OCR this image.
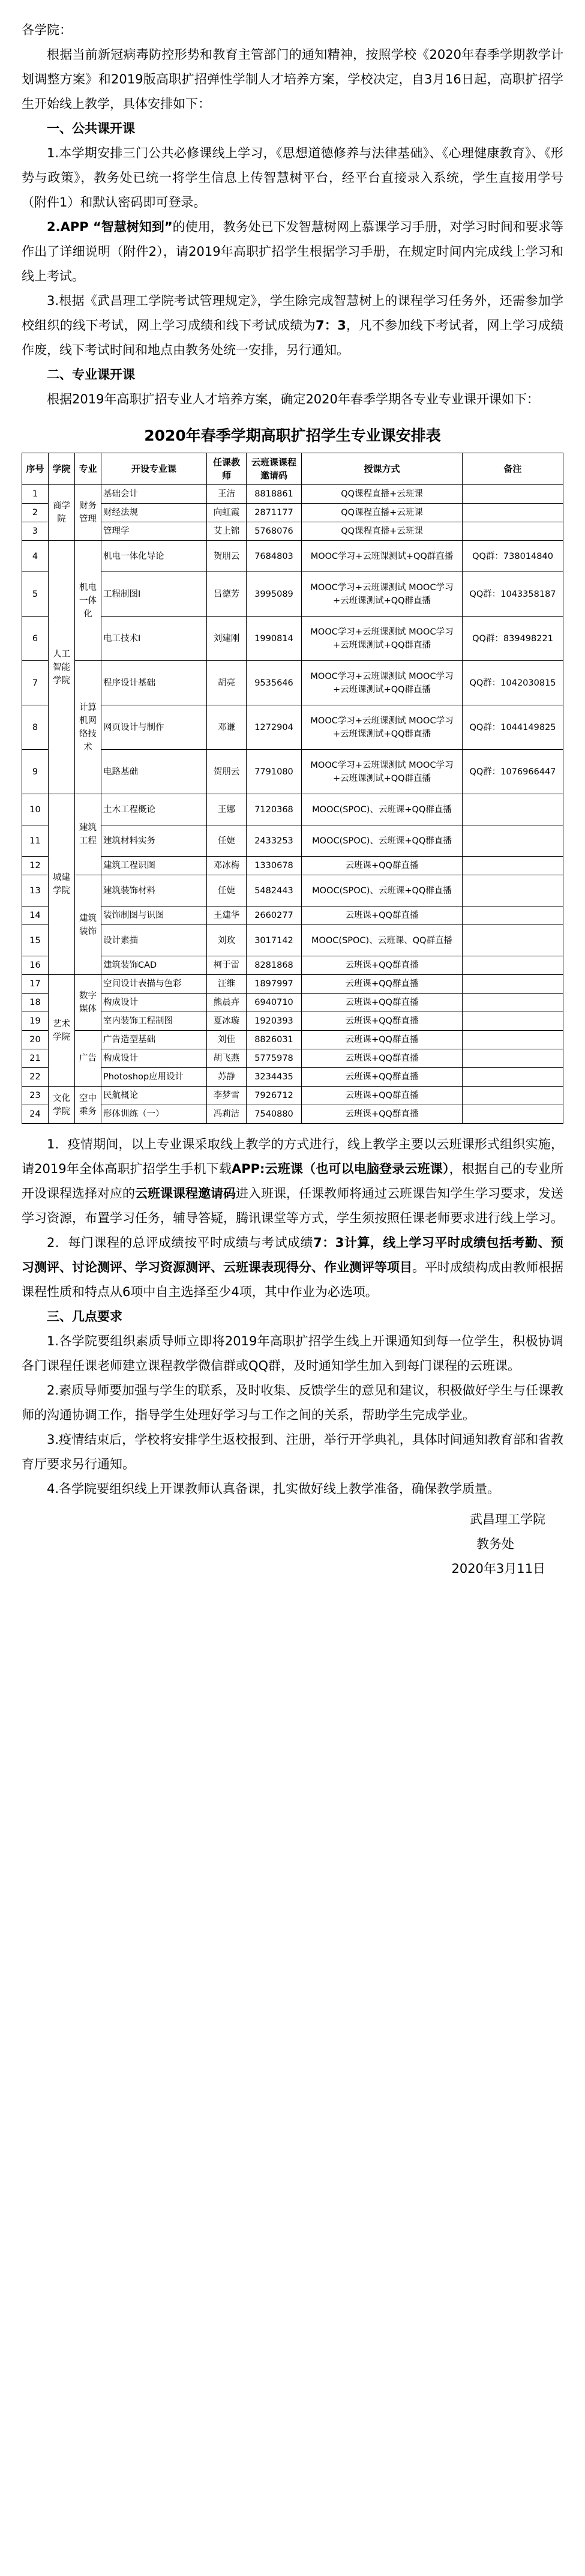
各学院：

根据当前新冠病毒防控形势和教育主管部门的通知精神，按照学校《2020年春季学期教学计划调整方案》和2019版高职扩招弹性学制人才培养方案，学校决定，自3月16日起，高职扩招学生开始线上教学，具体安排如下：

一、公共课开课

1.本学期安排三门公共必修课线上学习，《思想道德修养与法律基础》、《心理健康教育》、《形势与政策》，教务处已统一将学生信息上传智慧树平台，经平台直接录入系统，学生直接用学号（附件1）和默认密码即可登录。

2.APP “智慧树知到”的使用，教务处已下发智慧树网上慕课学习手册，对学习时间和要求等作出了详细说明（附件2），请2019年高职扩招学生根据学习手册，在规定时间内完成线上学习和线上考试。

3.根据《武昌理工学院考试管理规定》，学生除完成智慧树上的课程学习任务外，还需参加学校组织的线下考试，网上学习成绩和线下考试成绩为7：3，凡不参加线下考试者，网上学习成绩作废，线下考试时间和地点由教务处统一安排，另行通知。

二、专业课开课

根据2019年高职扩招专业人才培养方案，确定2020年春季学期各专业专业课开课如下：

2020年春季学期高职扩招学生专业课安排表
序号	学院	专业	开设专业课	任课教师	云班课课程邀请码	授课方式	备注
1	商学院	财务管理	基础会计	王洁	8818861	QQ课程直播+云班课	
2			财经法规	向虹霞	2871177	QQ课程直播+云班课	
3			管理学	艾上锦	5768076	QQ课程直播+云班课	
4	人工智能学院	机电一体化	机电一体化导论	贺朋云	7684803	MOOC学习+云班课测试+QQ群直播	QQ群：738014840
5			工程制图Ⅰ	吕德芳	3995089	MOOC学习+云班课测试 MOOC学习+云班课测试+QQ群直播	QQ群：1043358187
6			电工技术Ⅰ	刘建刚	1990814	MOOC学习+云班课测试 MOOC学习+云班课测试+QQ群直播	QQ群：839498221
7		计算机网络技术	程序设计基础	胡亮	9535646	MOOC学习+云班课测试 MOOC学习+云班课测试+QQ群直播	QQ群：1042030815
8			网页设计与制作	邓谦	1272904	MOOC学习+云班课测试 MOOC学习+云班课测试+QQ群直播	QQ群：1044149825
9			电路基础	贺朋云	7791080	MOOC学习+云班课测试 MOOC学习+云班课测试+QQ群直播	QQ群：1076966447
10	城建学院	建筑工程	土木工程概论	王娜	7120368	MOOC(SPOC)、云班课+QQ群直播	
11			建筑材料实务	任婕	2433253	MOOC(SPOC)、云班课+QQ群直播	
12			建筑工程识图	邓冰梅	1330678	云班课+QQ群直播	
13		建筑装饰	建筑装饰材料	任婕	5482443	MOOC(SPOC)、云班课+QQ群直播	
14			装饰制图与识图	王建华	2660277	云班课+QQ群直播	
15			设计素描	刘玫	3017142	MOOC(SPOC)、云班课、QQ群直播	
16			建筑装饰CAD	柯于雷	8281868	云班课+QQ群直播	
17	艺术学院	数字媒体	空间设计表描与色彩	汪维	1897997	云班课+QQ群直播	
18			构成设计	熊晨卉	6940710	云班课+QQ群直播	
19			室内装饰工程制图	夏冰璇	1920393	云班课+QQ群直播	
20		广告	广告造型基础	刘佳	8826031	云班课+QQ群直播	
21			构成设计	胡飞燕	5775978	云班课+QQ群直播	
22			Photoshop应用设计	苏静	3234435	云班课+QQ群直播	
23	文化学院	空中乘务	民航概论	李梦雪	7926712	云班课+QQ群直播	
24			形体训练（一）	冯莉洁	7540880	云班课+QQ群直播	

1．疫情期间，以上专业课采取线上教学的方式进行，线上教学主要以云班课形式组织实施，请2019年全体高职扩招学生手机下载APP:云班课（也可以电脑登录云班课），根据自己的专业所开设课程选择对应的云班课课程邀请码进入班课，任课教师将通过云班课告知学生学习要求，发送学习资源，布置学习任务，辅导答疑，腾讯课堂等方式，学生须按照任课老师要求进行线上学习。

2．每门课程的总评成绩按平时成绩与考试成绩7：3计算，线上学习平时成绩包括考勤、预习测评、讨论测评、学习资源测评、云班课表现得分、作业测评等项目。平时成绩构成由教师根据课程性质和特点从6项中自主选择至少4项，其中作业为必选项。

三、几点要求

1.各学院要组织素质导师立即将2019年高职扩招学生线上开课通知到每一位学生，积极协调各门课程任课老师建立课程教学微信群或QQ群，及时通知学生加入到每门课程的云班课。

2.素质导师要加强与学生的联系，及时收集、反馈学生的意见和建议，积极做好学生与任课教师的沟通协调工作，指导学生处理好学习与工作之间的关系，帮助学生完成学业。

3.疫情结束后，学校将安排学生返校报到、注册，举行开学典礼，具体时间通知教育部和省教育厅要求另行通知。

4.各学院要组织线上开课教师认真备课，扎实做好线上教学准备，确保教学质量。

武昌理工学院

教务处

2020年3月11日
